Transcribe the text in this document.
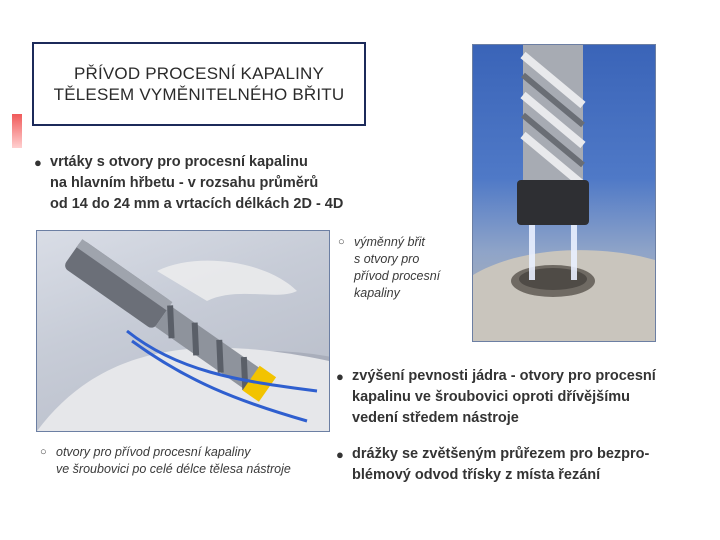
PŘÍVOD PROCESNÍ KAPALINY
TĚLESEM VYMĚNITELNÉHO BŘITU
● vrtáky s otvory pro procesní kapalinu
na hlavním hřbetu - v rozsahu průměrů
od 14 do 24 mm a vrtacích délkách 2D - 4D
○ otvory pro přívod procesní kapaliny
ve šroubovici po celé délce tělesa nástroje
○ výměnný břit
s otvory pro
přívod procesní
kapaliny
● zvýšení pevnosti jádra - otvory pro procesní
kapalinu ve šroubovici oproti dřívějšímu
vedení středem nástroje
● drážky se zvětšeným průřezem pro bezpro-
blémový odvod třísky z místa řezání
